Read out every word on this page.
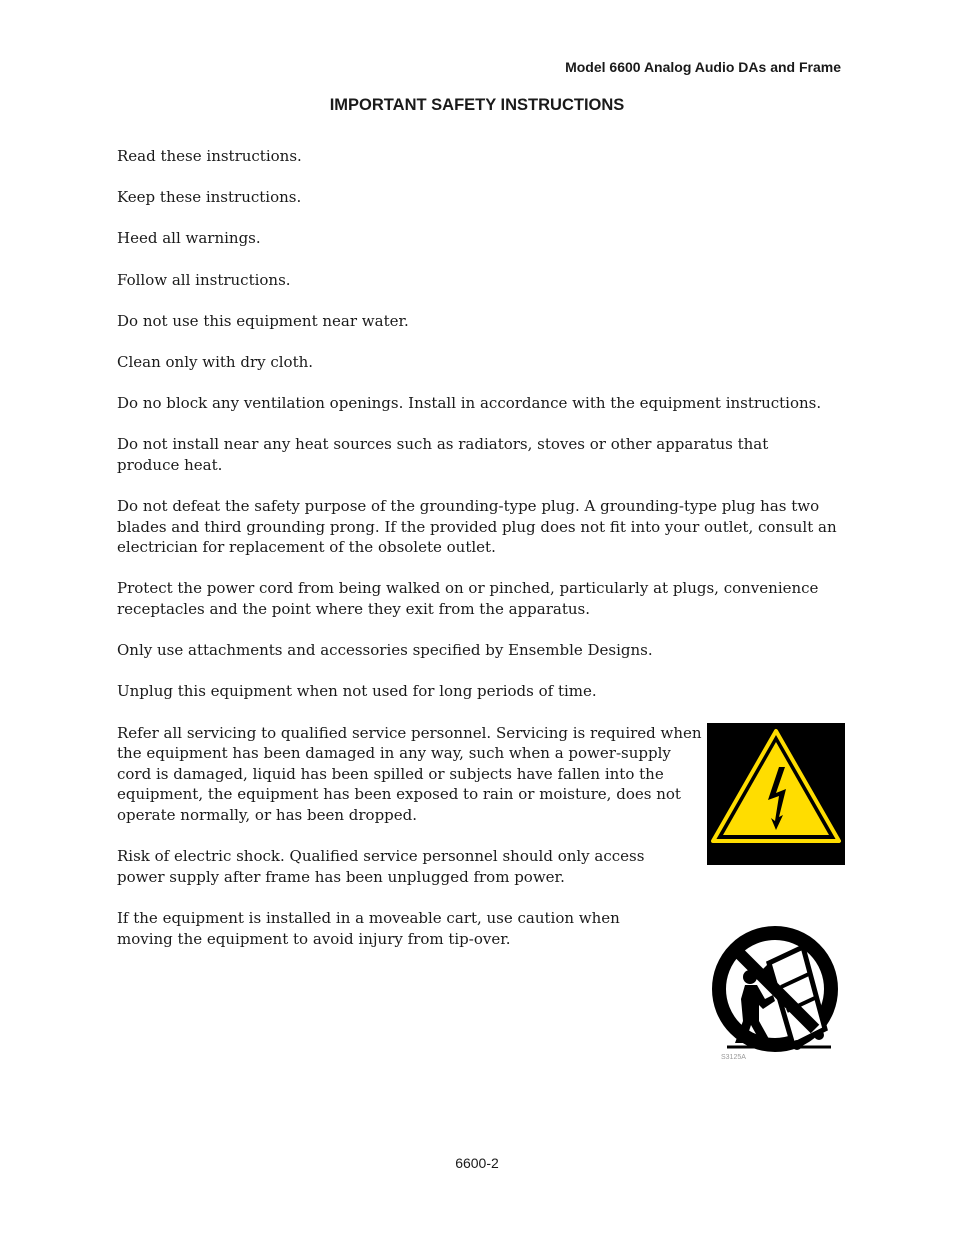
Model 6600 Analog Audio DAs and Frame
IMPORTANT SAFETY INSTRUCTIONS

Read these instructions.

Keep these instructions.

Heed all warnings.

Follow all instructions.

Do not use this equipment near water.

Clean only with dry cloth.

Do no block any ventilation openings. Install in accordance with the equipment instructions.

Do not install near any heat sources such as radiators, stoves or other apparatus that produce heat.

Do not defeat the safety purpose of the grounding-type plug. A grounding-type plug has two blades and third grounding prong. If the provided plug does not fit into your outlet, consult an electrician for replacement of the obsolete outlet.

Protect the power cord from being walked on or pinched, particularly at plugs, convenience receptacles and the point where they exit from the apparatus.

Only use attachments and accessories specified by Ensemble Designs.

Unplug this equipment when not used for long periods of time.

Refer all servicing to qualified service personnel. Servicing is required when the equipment has been damaged in any way, such when a power-supply cord is damaged, liquid has been spilled or subjects have fallen into the equipment, the equipment has been exposed to rain or moisture, does not operate normally, or has been dropped.

Risk of electric shock. Qualified service personnel should only access power supply after frame has been unplugged from power.

If the equipment is installed in a moveable cart, use caution when moving the equipment to avoid injury from tip-over.

S3125A
6600-2
